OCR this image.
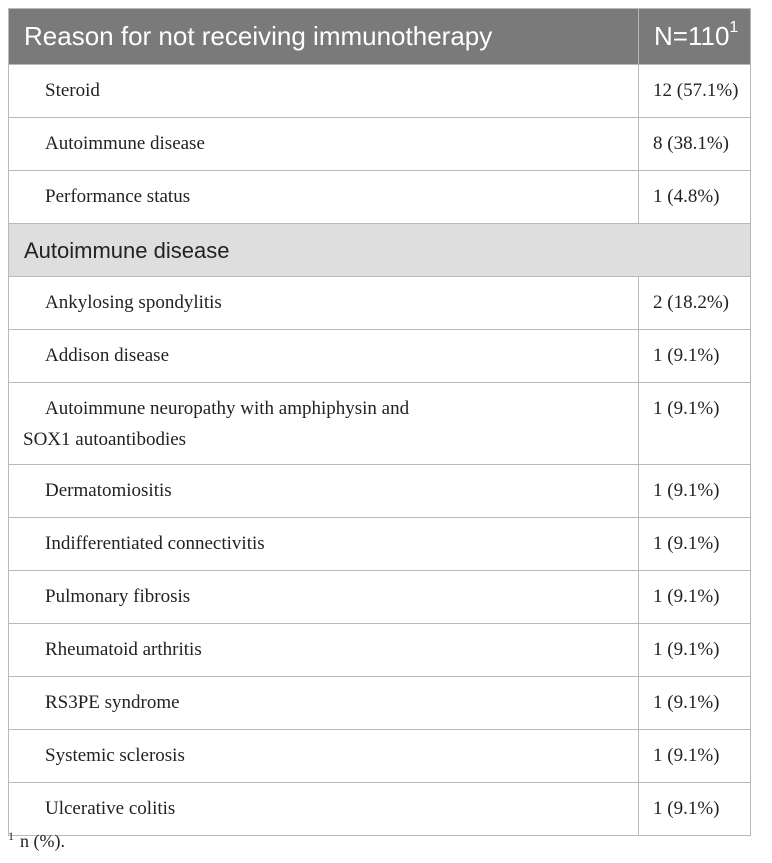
Reason for not receiving immunotherapy	$N=110^1$
Steroid	12 (57.1%)
Autoimmune disease	8 (38.1%)
Performance status	1 (4.8%)
Autoimmune disease	
Ankylosing spondylitis	2 (18.2%)
Addison disease	1 (9.1%)
Autoimmune neuropathy with amphiphysin and
SOX1 autoantibodies	1 (9.1%)
Dermatomiositis	1 (9.1%)
Indifferentiated connectivitis	1 (9.1%)
Pulmonary fibrosis	1 (9.1%)
Rheumatoid arthritis	1 (9.1%)
RS3PE syndrome	1 (9.1%)
Systemic sclerosis	1 (9.1%)
Ulcerative colitis	1 (9.1%)
$^1$ n (%).
